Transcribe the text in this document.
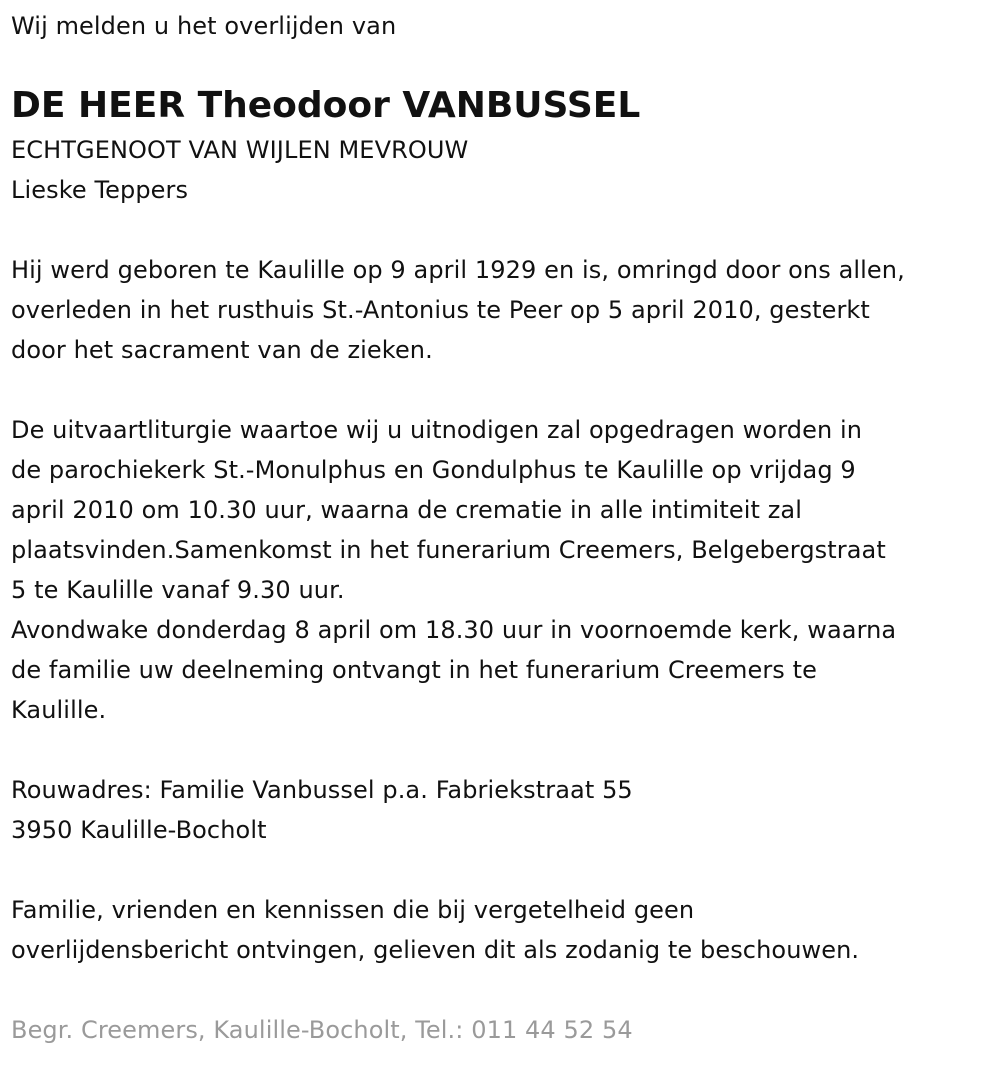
Wij melden u het overlijden van
DE HEER Theodoor VANBUSSEL
ECHTGENOOT VAN WIJLEN MEVROUW
Lieske Teppers
Hij werd geboren te Kaulille op 9 april 1929 en is, omringd door ons allen,
overleden in het rusthuis St.-Antonius te Peer op 5 april 2010, gesterkt
door het sacrament van de zieken.
De uitvaartliturgie waartoe wij u uitnodigen zal opgedragen worden in
de parochiekerk St.-Monulphus en Gondulphus te Kaulille op vrijdag 9
april 2010 om 10.30 uur, waarna de crematie in alle intimiteit zal
plaatsvinden.Samenkomst in het funerarium Creemers, Belgebergstraat
5 te Kaulille vanaf 9.30 uur.
Avondwake donderdag 8 april om 18.30 uur in voornoemde kerk, waarna
de familie uw deelneming ontvangt in het funerarium Creemers te
Kaulille.
Rouwadres: Familie Vanbussel p.a. Fabriekstraat 55
3950 Kaulille-Bocholt
Familie, vrienden en kennissen die bij vergetelheid geen
overlijdensbericht ontvingen, gelieven dit als zodanig te beschouwen.
Begr. Creemers, Kaulille-Bocholt, Tel.: 011 44 52 54
